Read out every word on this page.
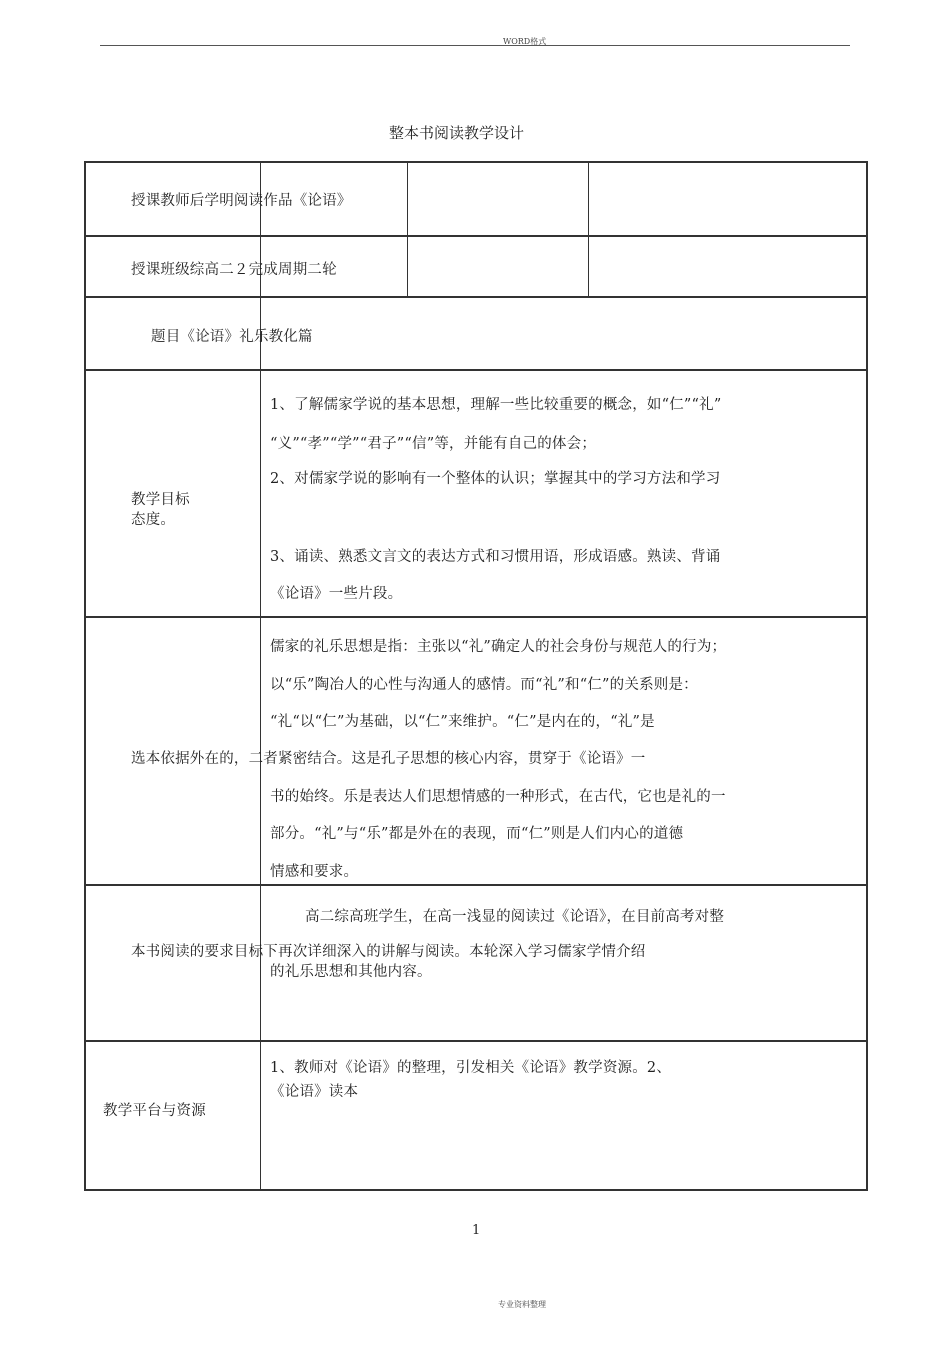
WORD格式
整本书阅读教学设计
授课教师后学明阅读作品《论语》
授课班级综高二２完成周期二轮
题目《论语》礼乐教化篇
教学目标
态度。
1、了解儒家学说的基本思想，理解一些比较重要的概念，如“仁”“礼”
“义”“孝”“学”“君子”“信”等，并能有自己的体会；
2、对儒家学说的影响有一个整体的认识；掌握其中的学习方法和学习
3、诵读、熟悉文言文的表达方式和习惯用语，形成语感。熟读、背诵
《论语》一些片段。
儒家的礼乐思想是指：主张以“礼”确定人的社会身份与规范人的行为；
以“乐”陶冶人的心性与沟通人的感情。而“礼”和“仁”的关系则是：
“礼“以“仁”为基础，以“仁”来维护。“仁”是内在的，“礼”是
选本依据外在的，二者紧密结合。这是孔子思想的核心内容，贯穿于《论语》一
书的始终。乐是表达人们思想情感的一种形式，在古代，它也是礼的一
部分。“礼”与“乐”都是外在的表现，而“仁”则是人们内心的道德
情感和要求。
高二综高班学生，在高一浅显的阅读过《论语》，在目前高考对整
本书阅读的要求目标下再次详细深入的讲解与阅读。本轮深入学习儒家学情介绍
的礼乐思想和其他内容。
教学平台与资源
1、教师对《论语》的整理，引发相关《论语》教学资源。2、
《论语》读本
1
专业资料整理
